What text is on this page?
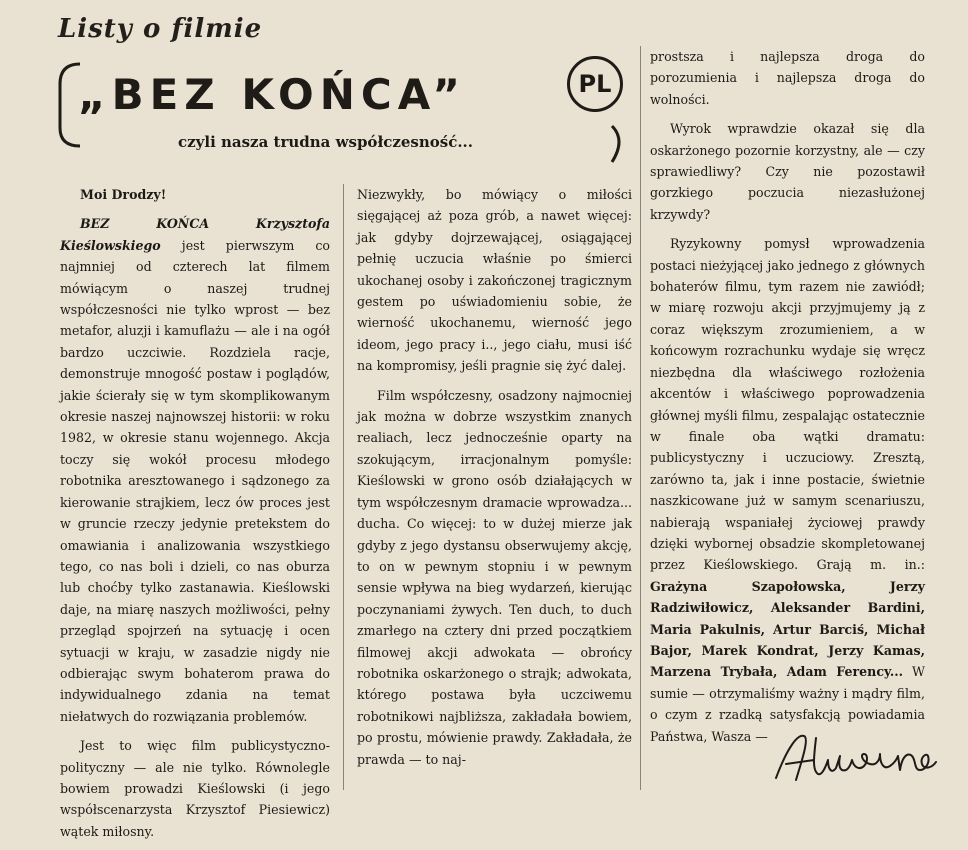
Listy o filmie
„BEZ KOŃCA”	PL
czyli nasza trudna współczesność...

Moi Drodzy!

BEZ KOŃCA Krzysztofa Kieślowskiego jest pierwszym co najmniej od czterech lat filmem mówiącym o naszej trudnej współczesności nie tylko wprost — bez metafor, aluzji i kamuflażu — ale i na ogół bardzo uczciwie. Rozdziela racje, demonstruje mnogość postaw i poglądów, jakie ścierały się w tym skomplikowanym okresie naszej najnowszej historii: w roku 1982, w okresie stanu wojennego. Akcja toczy się wokół procesu młodego robotnika aresztowanego i sądzonego za kierowanie strajkiem, lecz ów proces jest w gruncie rzeczy jedynie pretekstem do omawiania i analizowania wszystkiego tego, co nas boli i dzieli, co nas oburza lub choćby tylko zastanawia. Kieślowski daje, na miarę naszych możliwości, pełny przegląd spojrzeń na sytuację i ocen sytuacji w kraju, w zasadzie nigdy nie odbierając swym bohaterom prawa do indywidualnego zdania na temat niełatwych do rozwiązania problemów.

Jest to więc film publicystyczno-polityczny — ale nie tylko. Równolegle bowiem prowadzi Kieślowski (i jego współscenarzysta Krzysztof Piesiewicz) wątek miłosny.

Niezwykły, bo mówiący o miłości sięgającej aż poza grób, a nawet więcej: jak gdyby dojrzewającej, osiągającej pełnię uczucia właśnie po śmierci ukochanej osoby i zakończonej tragicznym gestem po uświadomieniu sobie, że wierność ukochanemu, wierność jego ideom, jego pracy i.., jego ciału, musi iść na kompromisy, jeśli pragnie się żyć dalej.

Film współczesny, osadzony najmocniej jak można w dobrze wszystkim znanych realiach, lecz jednocześnie oparty na szokującym, irracjonalnym pomyśle: Kieślowski w grono osób działających w tym współczesnym dramacie wprowadza... ducha. Co więcej: to w dużej mierze jak gdyby z jego dystansu obserwujemy akcję, to on w pewnym stopniu i w pewnym sensie wpływa na bieg wydarzeń, kierując poczynaniami żywych. Ten duch, to duch zmarłego na cztery dni przed początkiem filmowej akcji adwokata — obrońcy robotnika oskarżonego o strajk; adwokata, którego postawa była uczciwemu robotnikowi najbliższa, zakładała bowiem, po prostu, mówienie prawdy. Zakładała, że prawda — to naj-

prostsza i najlepsza droga do porozumienia i najlepsza droga do wolności.

Wyrok wprawdzie okazał się dla oskarżonego pozornie korzystny, ale — czy sprawiedliwy? Czy nie pozostawił gorzkiego poczucia niezasłużonej krzywdy?

Ryzykowny pomysł wprowadzenia postaci nieżyjącej jako jednego z głównych bohaterów filmu, tym razem nie zawiódł; w miarę rozwoju akcji przyjmujemy ją z coraz większym zrozumieniem, a w końcowym rozrachunku wydaje się wręcz niezbędna dla właściwego rozłożenia akcentów i właściwego poprowadzenia głównej myśli filmu, zespalając ostatecznie w finale oba wątki dramatu: publicystyczny i uczuciowy. Zresztą, zarówno ta, jak i inne postacie, świetnie naszkicowane już w samym scenariuszu, nabierają wspaniałej życiowej prawdy dzięki wybornej obsadzie skompletowanej przez Kieślowskiego. Grają m. in.: Grażyna Szapołowska, Jerzy Radziwiłowicz, Aleksander Bardini, Maria Pakulnis, Artur Barciś, Michał Bajor, Marek Kondrat, Jerzy Kamas, Marzena Trybała, Adam Ferency... W sumie — otrzymaliśmy ważny i mądry film, o czym z rzadką satysfakcją powiadamia Państwa, Wasza —
